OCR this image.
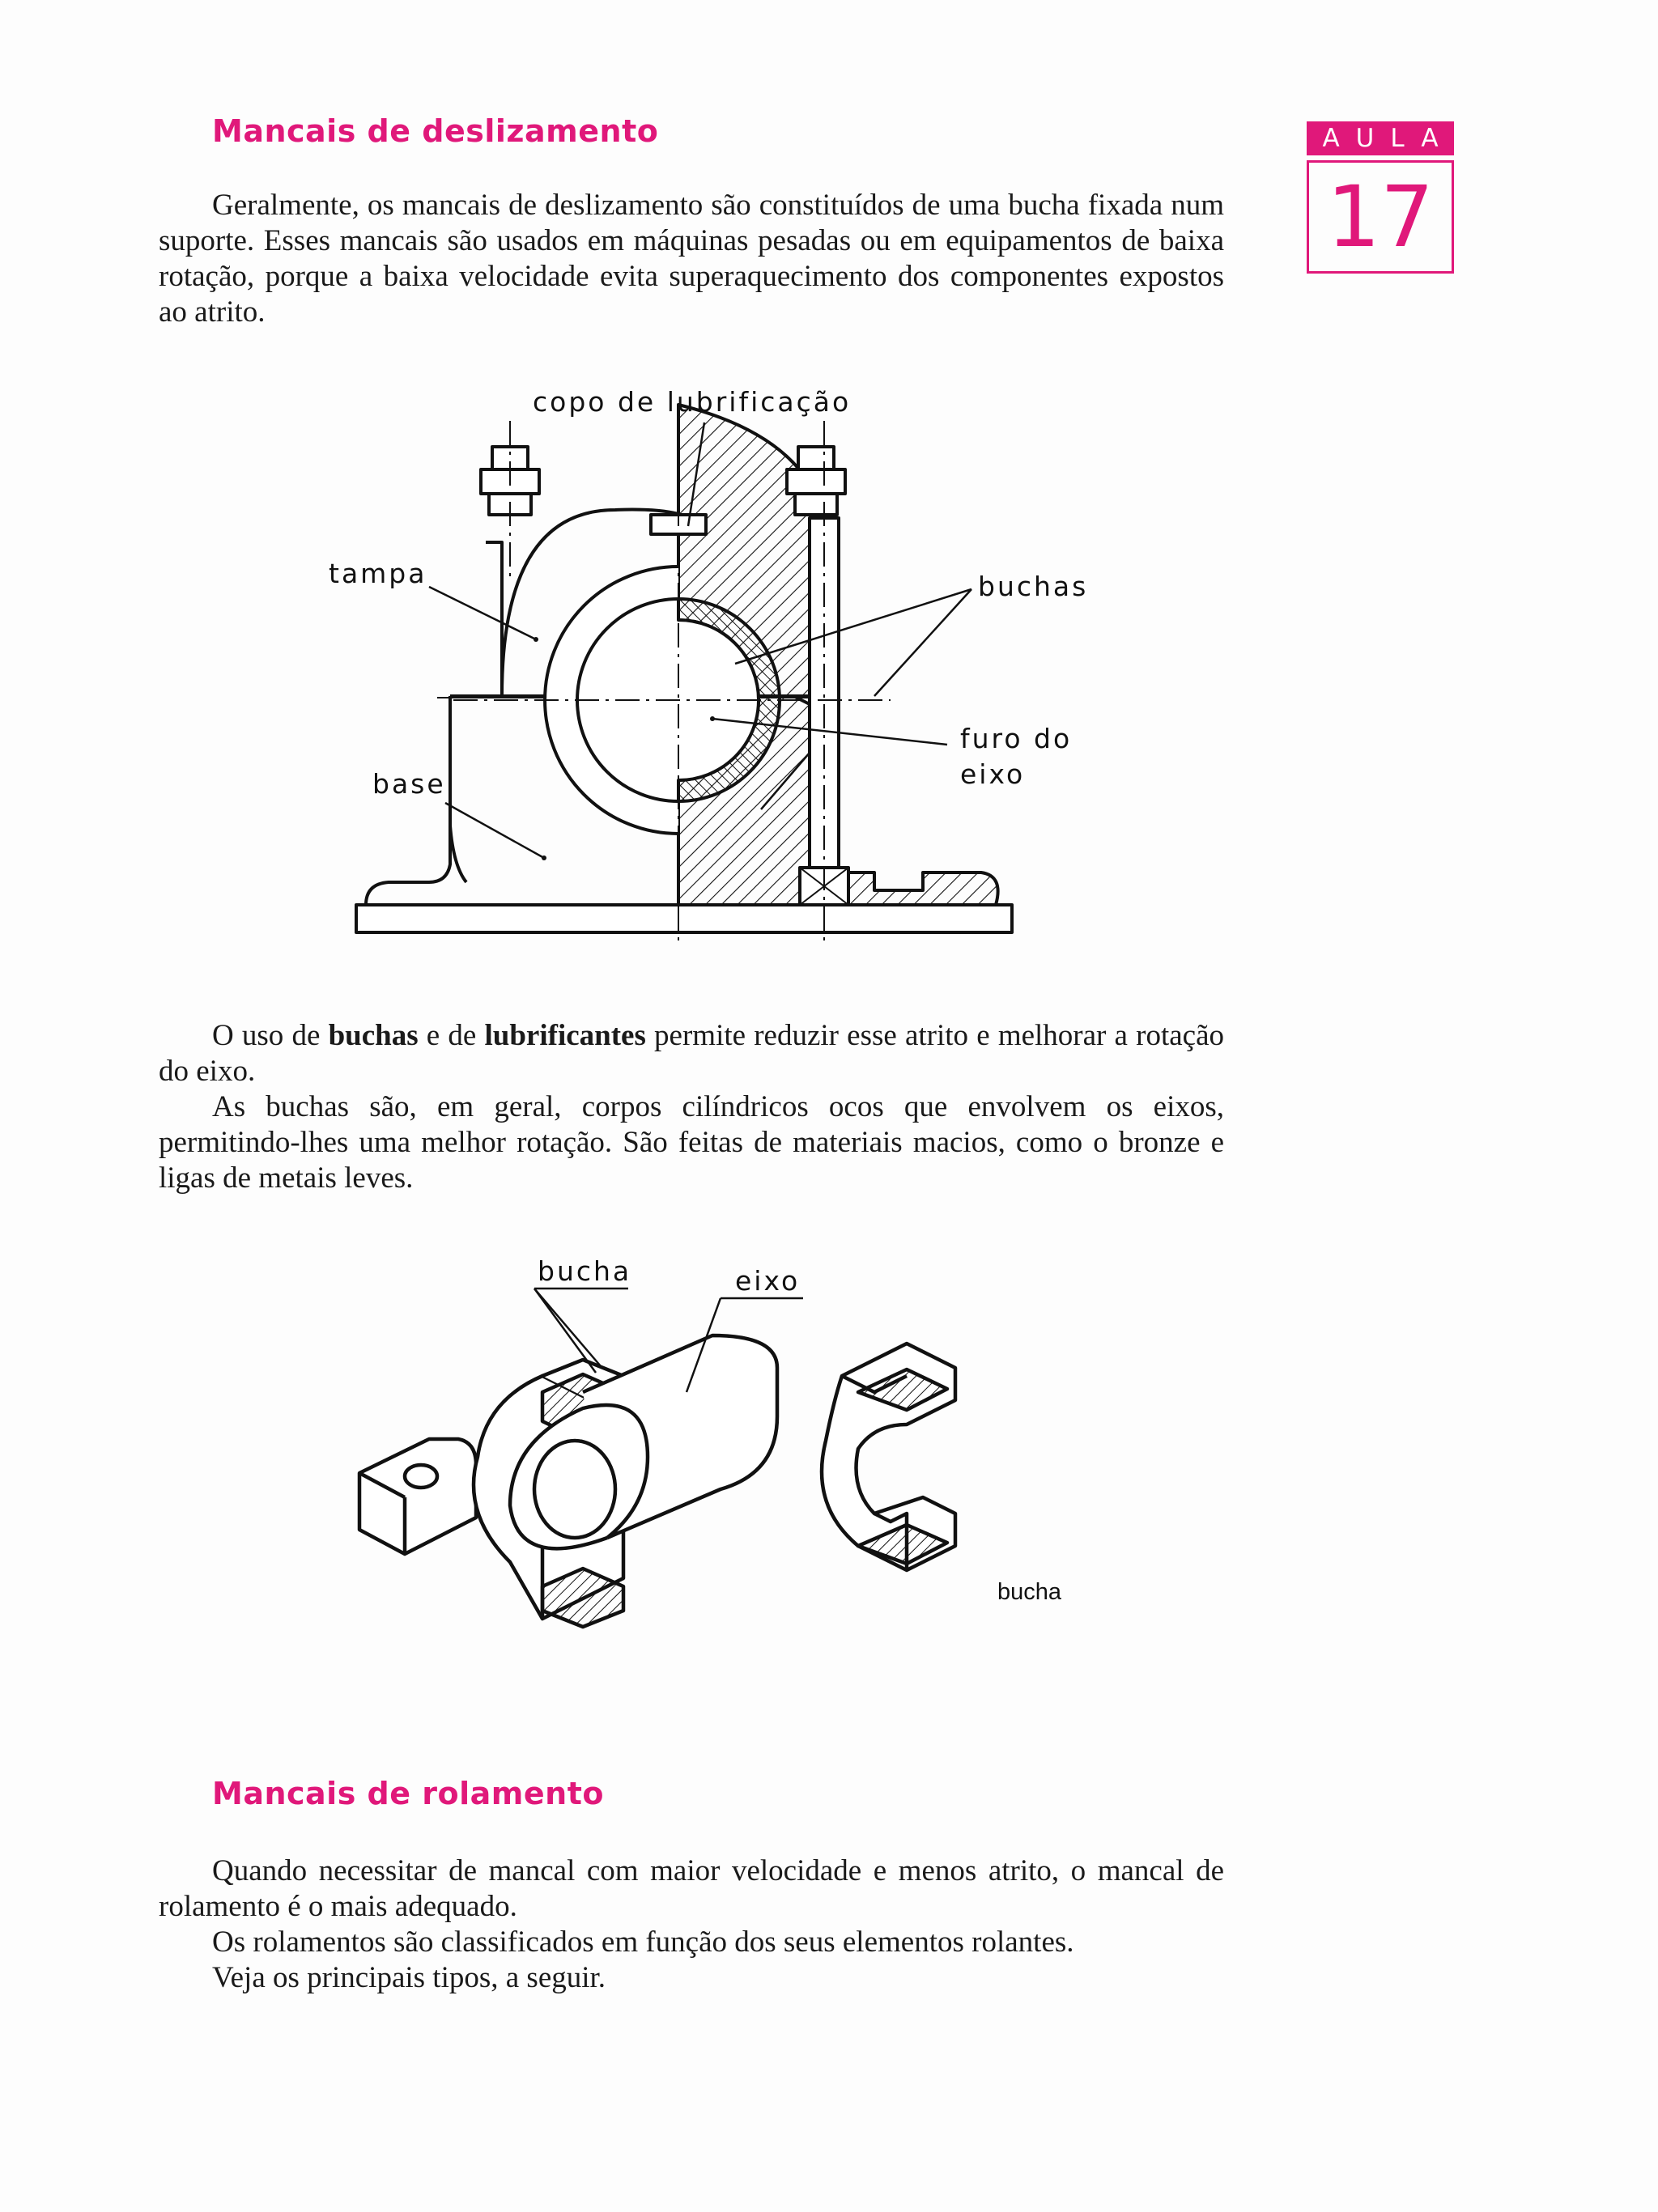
Mancais de deslizamento	AULA
17

Geralmente, os mancais de deslizamento são constituídos de uma bucha fixada num suporte. Esses mancais são usados em máquinas pesadas ou em equipamentos de baixa rotação, porque a baixa velocidade evita superaquecimento dos componentes expostos ao atrito.

copo de lubrificação
tampa	buchas
furo do
eixo
base

O uso de buchas e de lubrificantes permite reduzir esse atrito e melhorar a rotação do eixo.

As buchas são, em geral, corpos cilíndricos ocos que envolvem os eixos, permitindo-lhes uma melhor rotação. São feitas de materiais macios, como o bronze e ligas de metais leves.

bucha	eixo
bucha
Mancais de rolamento

Quando necessitar de mancal com maior velocidade e menos atrito, o mancal de rolamento é o mais adequado.

Os rolamentos são classificados em função dos seus elementos rolantes.

Veja os principais tipos, a seguir.
